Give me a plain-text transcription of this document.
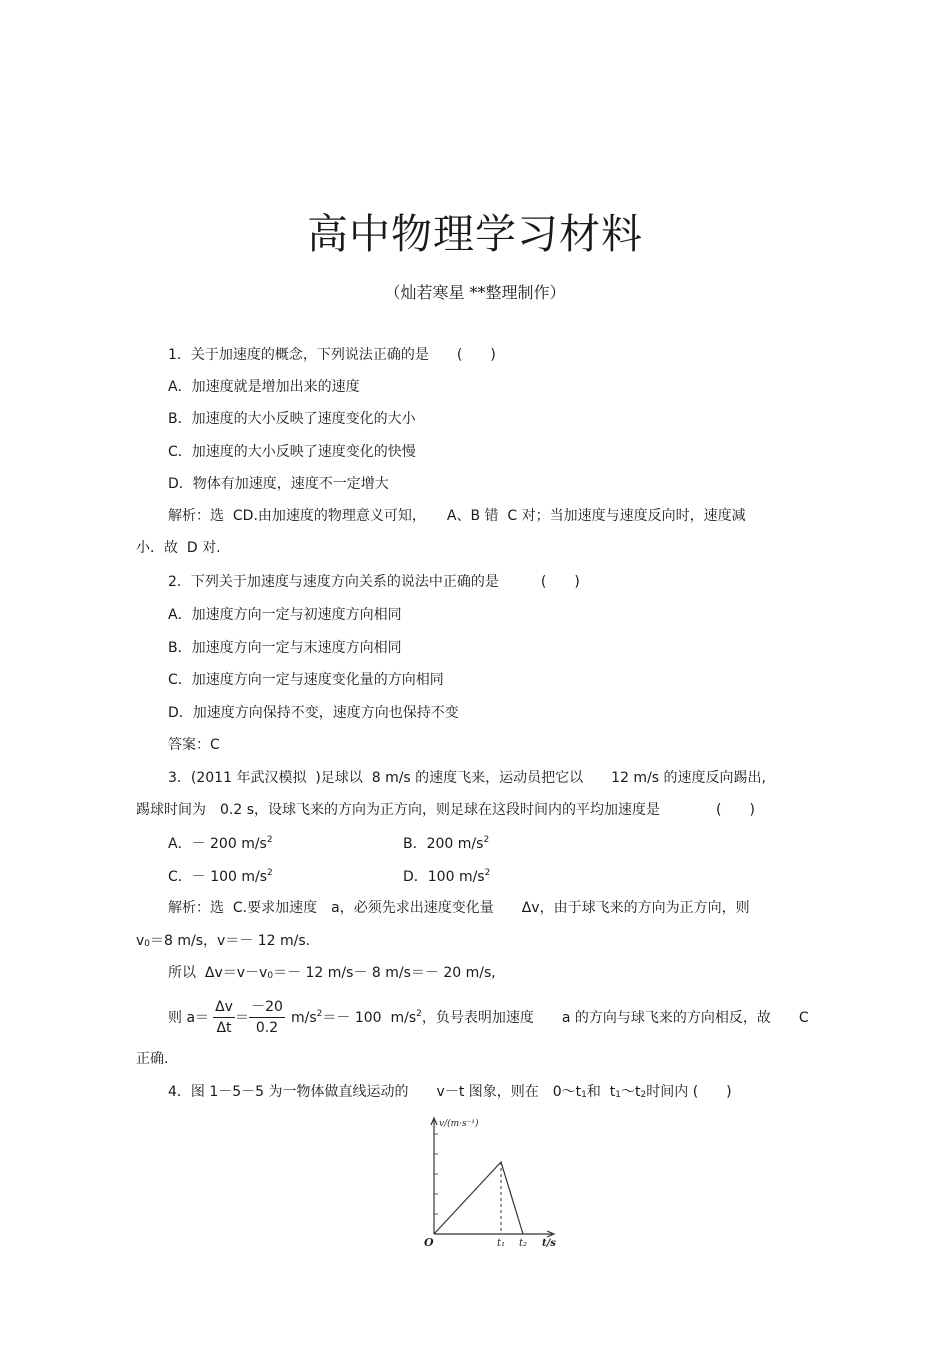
高中物理学习材料
（灿若寒星 **整理制作）
1．关于加速度的概念，下列说法正确的是　　(　　)
A．加速度就是增加出来的速度
B．加速度的大小反映了速度变化的大小
C．加速度的大小反映了速度变化的快慢
D．物体有加速度，速度不一定增大
解析：选  CD.由加速度的物理意义可知，　　A、B 错  C 对；当加速度与速度反向时，速度减
小．故  D 对.
2．下列关于加速度与速度方向关系的说法中正确的是　　　(　　)
A．加速度方向一定与初速度方向相同
B．加速度方向一定与末速度方向相同
C．加速度方向一定与速度变化量的方向相同
D．加速度方向保持不变，速度方向也保持不变
答案：C
3．(2011 年武汉模拟  )足球以  8 m/s 的速度飞来，运动员把它以　　12 m/s 的速度反向踢出,
踢球时间为　0.2 s，设球飞来的方向为正方向，则足球在这段时间内的平均加速度是　　　　(　　)
A．－ 200 $m/s^2$	B．200 $m/s^2$
C．－ 100 $m/s^2$	D．100 $m/s^2$
解析：选  C.要求加速度　a，必须先求出速度变化量　　Δv，由于球飞来的方向为正方向，则
$v_0=8$ m/s，v＝－ 12 m/s.
所以  $\Delta v=v-v_0=- 12$ m/s－ 8 m/s＝－ 20 m/s,
则 a＝
Δv
Δt
＝
－20
0.2
$m/s^2=- 100$  $m/s^2$，负号表明加速度　　a 的方向与球飞来的方向相反，故　　C
正确.
4．图 1－5－5 为一物体做直线运动的　　v－t 图象，则在　$0\sim t_1$和  $t_1\sim t_2$时间内 (　　)
v/(m·s⁻¹)
O	t₁ t₂ t/s
